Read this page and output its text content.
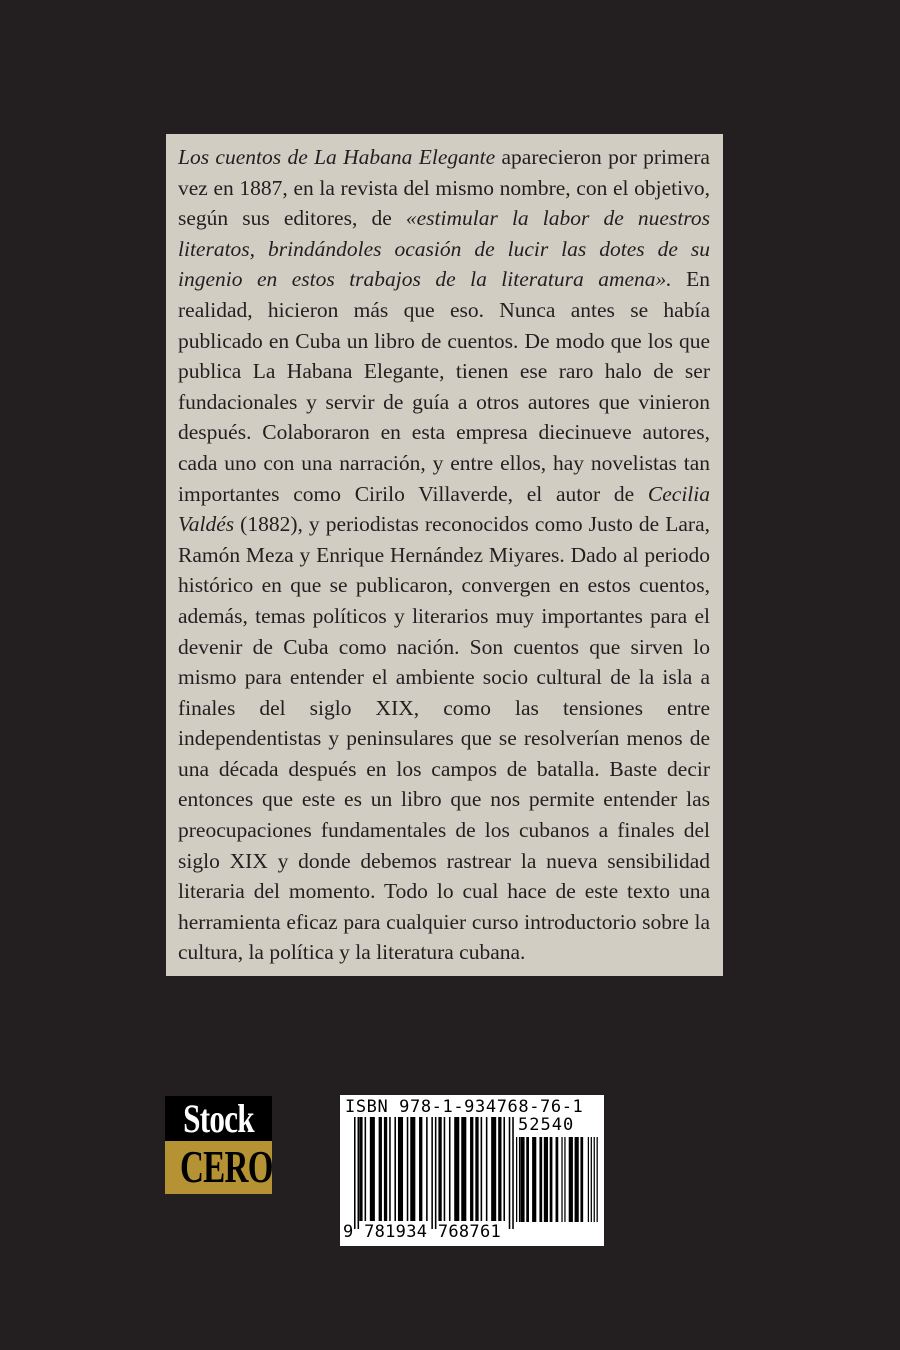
Los cuentos de La Habana Elegante aparecieron por primera vez en 1887, en la revista del mismo nombre, con el objetivo, según sus editores, de «estimular la labor de nuestros literatos, brindándoles ocasión de lucir las dotes de su ingenio en estos trabajos de la literatura amena». En realidad, hicieron más que eso. Nunca antes se había publicado en Cuba un libro de cuentos. De modo que los que publica La Habana Elegante, tienen ese raro halo de ser fundacionales y servir de guía a otros autores que vinieron después. Colaboraron en esta empresa diecinueve autores, cada uno con una narración, y entre ellos, hay novelistas tan importantes como Cirilo Villaverde, el autor de Cecilia Valdés (1882), y periodistas reconocidos como Justo de Lara, Ramón Meza y Enrique Hernández Miyares. Dado al periodo histórico en que se publicaron, convergen en estos cuentos, además, temas políticos y literarios muy importantes para el devenir de Cuba como nación. Son cuentos que sirven lo mismo para entender el ambiente socio cultural de la isla a finales del siglo XIX, como las tensiones entre independentistas y peninsulares que se resolverían menos de una década después en los campos de batalla. Baste decir entonces que este es un libro que nos permite entender las preocupaciones fundamentales de los cubanos a finales del siglo XIX y donde debemos rastrear la nueva sensibilidad literaria del momento. Todo lo cual hace de este texto una herramienta eficaz para cualquier curso introductorio sobre la cultura, la política y la literatura cubana.

Stock
CERO
ISBN 978-1-934768-76-1
52540
9 781934 768761
